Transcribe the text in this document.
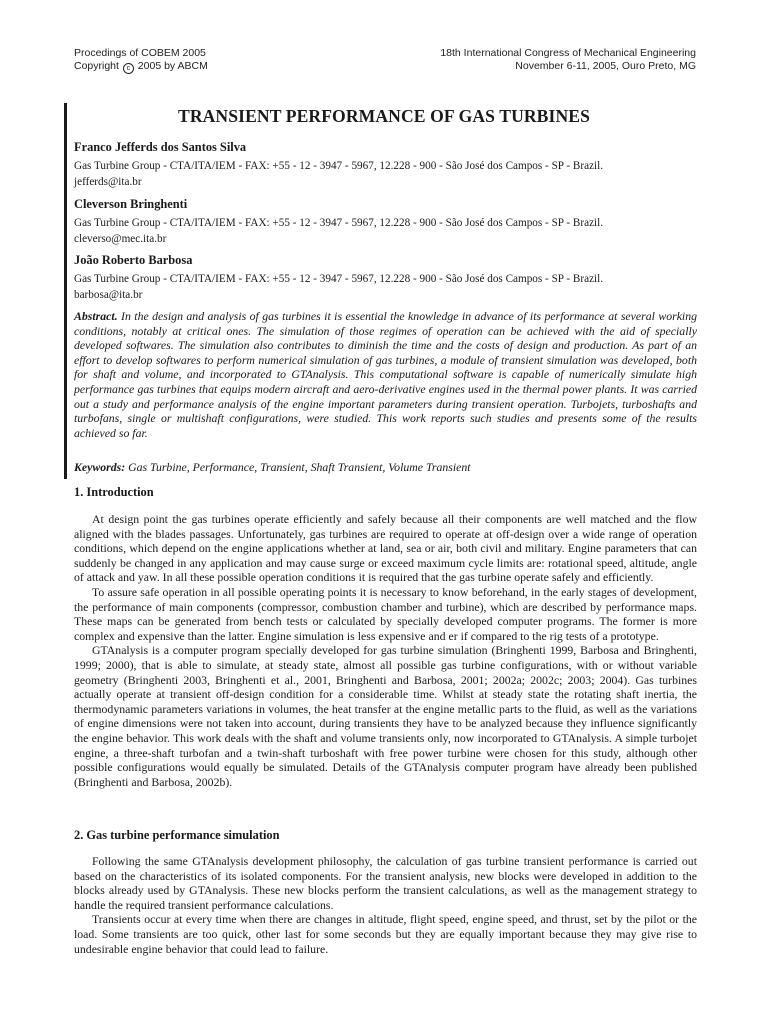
Procedings of COBEM 2005
Copyright c 2005 by ABCM
18th International Congress of Mechanical Engineering
November 6-11, 2005, Ouro Preto, MG
TRANSIENT PERFORMANCE OF GAS TURBINES
Franco Jefferds dos Santos Silva
Gas Turbine Group - CTA/ITA/IEM - FAX: +55 - 12 - 3947 - 5967, 12.228 - 900 - São José dos Campos - SP - Brazil.
jefferds@ita.br
Cleverson Bringhenti
Gas Turbine Group - CTA/ITA/IEM - FAX: +55 - 12 - 3947 - 5967, 12.228 - 900 - São José dos Campos - SP - Brazil.
cleverso@mec.ita.br
João Roberto Barbosa
Gas Turbine Group - CTA/ITA/IEM - FAX: +55 - 12 - 3947 - 5967, 12.228 - 900 - São José dos Campos - SP - Brazil.
barbosa@ita.br
Abstract. In the design and analysis of gas turbines it is essential the knowledge in advance of its performance at several working conditions, notably at critical ones. The simulation of those regimes of operation can be achieved with the aid of specially developed softwares. The simulation also contributes to diminish the time and the costs of design and production. As part of an effort to develop softwares to perform numerical simulation of gas turbines, a module of transient simulation was developed, both for shaft and volume, and incorporated to GTAnalysis. This computational software is capable of numerically simulate high performance gas turbines that equips modern aircraft and aero-derivative engines used in the thermal power plants. It was carried out a study and performance analysis of the engine important parameters during transient operation. Turbojets, turboshafts and turbofans, single or multishaft configurations, were studied. This work reports such studies and presents some of the results achieved so far.
Keywords: Gas Turbine, Performance, Transient, Shaft Transient, Volume Transient
1. Introduction

At design point the gas turbines operate efficiently and safely because all their components are well matched and the flow aligned with the blades passages. Unfortunately, gas turbines are required to operate at off-design over a wide range of operation conditions, which depend on the engine applications whether at land, sea or air, both civil and military. Engine parameters that can suddenly be changed in any application and may cause surge or exceed maximum cycle limits are: rotational speed, altitude, angle of attack and yaw. In all these possible operation conditions it is required that the gas turbine operate safely and efficiently.

To assure safe operation in all possible operating points it is necessary to know beforehand, in the early stages of development, the performance of main components (compressor, combustion chamber and turbine), which are described by performance maps. These maps can be generated from bench tests or calculated by specially developed computer programs. The former is more complex and expensive than the latter. Engine simulation is less expensive and er if compared to the rig tests of a prototype.

GTAnalysis is a computer program specially developed for gas turbine simulation (Bringhenti 1999, Barbosa and Bringhenti, 1999; 2000), that is able to simulate, at steady state, almost all possible gas turbine configurations, with or without variable geometry (Bringhenti 2003, Bringhenti et al., 2001, Bringhenti and Barbosa, 2001; 2002a; 2002c; 2003; 2004). Gas turbines actually operate at transient off-design condition for a considerable time. Whilst at steady state the rotating shaft inertia, the thermodynamic parameters variations in volumes, the heat transfer at the engine metallic parts to the fluid, as well as the variations of engine dimensions were not taken into account, during transients they have to be analyzed because they influence significantly the engine behavior. This work deals with the shaft and volume transients only, now incorporated to GTAnalysis. A simple turbojet engine, a three-shaft turbofan and a twin-shaft turboshaft with free power turbine were chosen for this study, although other possible configurations would equally be simulated. Details of the GTAnalysis computer program have already been published (Bringhenti and Barbosa, 2002b).

2. Gas turbine performance simulation

Following the same GTAnalysis development philosophy, the calculation of gas turbine transient performance is carried out based on the characteristics of its isolated components. For the transient analysis, new blocks were developed in addition to the blocks already used by GTAnalysis. These new blocks perform the transient calculations, as well as the management strategy to handle the required transient performance calculations.

Transients occur at every time when there are changes in altitude, flight speed, engine speed, and thrust, set by the pilot or the load. Some transients are too quick, other last for some seconds but they are equally important because they may give rise to undesirable engine behavior that could lead to failure.
